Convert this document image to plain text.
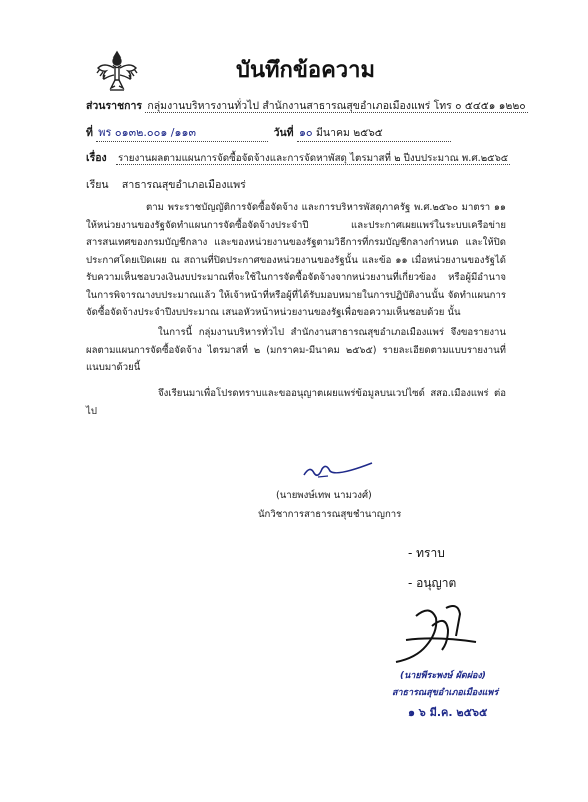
บันทึกข้อความ
ส่วนราชการ กลุ่มงานบริหารงานทั่วไป สำนักงานสาธารณสุขอำเภอเมืองแพร่ โทร ๐ ๕๔๕๑ ๑๒๒๐
ที่ พร ๐๑๓๒.๐๐๑ /๑๑๓	วันที่ ๑๐ มีนาคม ๒๕๖๕
เรื่อง รายงานผลตามแผนการจัดซื้อจัดจ้างและการจัดหาพัสดุ ไตรมาสที่ ๒ ปีงบประมาณ พ.ศ.๒๕๖๕
เรียน สาธารณสุขอำเภอเมืองแพร่

ตาม พระราชบัญญัติการจัดซื้อจัดจ้าง และการบริหารพัสดุภาครัฐ พ.ศ.๒๕๖๐ มาตรา ๑๑ ให้หน่วยงานของรัฐจัดทำแผนการจัดซื้อจัดจ้างประจำปี และประกาศเผยแพร่ในระบบเครือข่ายสารสนเทศของกรมบัญชีกลาง และของหน่วยงานของรัฐตามวิธีการที่กรมบัญชีกลางกำหนด และให้ปิดประกาศโดยเปิดเผย ณ สถานที่ปิดประกาศของหน่วยงานของรัฐนั้น และข้อ ๑๑ เมื่อหน่วยงานของรัฐได้รับความเห็นชอบวงเงินงบประมาณที่จะใช้ในการจัดซื้อจัดจ้างจากหน่วยงานที่เกี่ยวข้อง หรือผู้มีอำนาจในการพิจารณางบประมาณแล้ว ให้เจ้าหน้าที่หรือผู้ที่ได้รับมอบหมายในการปฏิบัติงานนั้น จัดทำแผนการจัดซื้อจัดจ้างประจำปีงบประมาณ เสนอหัวหน้าหน่วยงานของรัฐเพื่อขอความเห็นชอบด้วย นั้น

ในการนี้ กลุ่มงานบริหารทั่วไป สำนักงานสาธารณสุขอำเภอเมืองแพร่ จึงขอรายงานผลตามแผนการจัดซื้อจัดจ้าง ไตรมาสที่ ๒ (มกราคม-มีนาคม ๒๕๖๕) รายละเอียดตามแบบรายงานที่แนบมาด้วยนี้

จึงเรียนมาเพื่อโปรดทราบและขออนุญาตเผยแพร่ข้อมูลบนเวปไซด์ สสอ.เมืองแพร่ ต่อไป

(นายพงษ์เทพ นามวงศ์)
นักวิชาการสาธารณสุขชำนาญการ
- ทราบ
- อนุญาต
(นายพีระพงษ์ ผัดผ่อง)
สาธารณสุขอำเภอเมืองแพร่
๑ ๖ มี.ค. ๒๕๖๕
